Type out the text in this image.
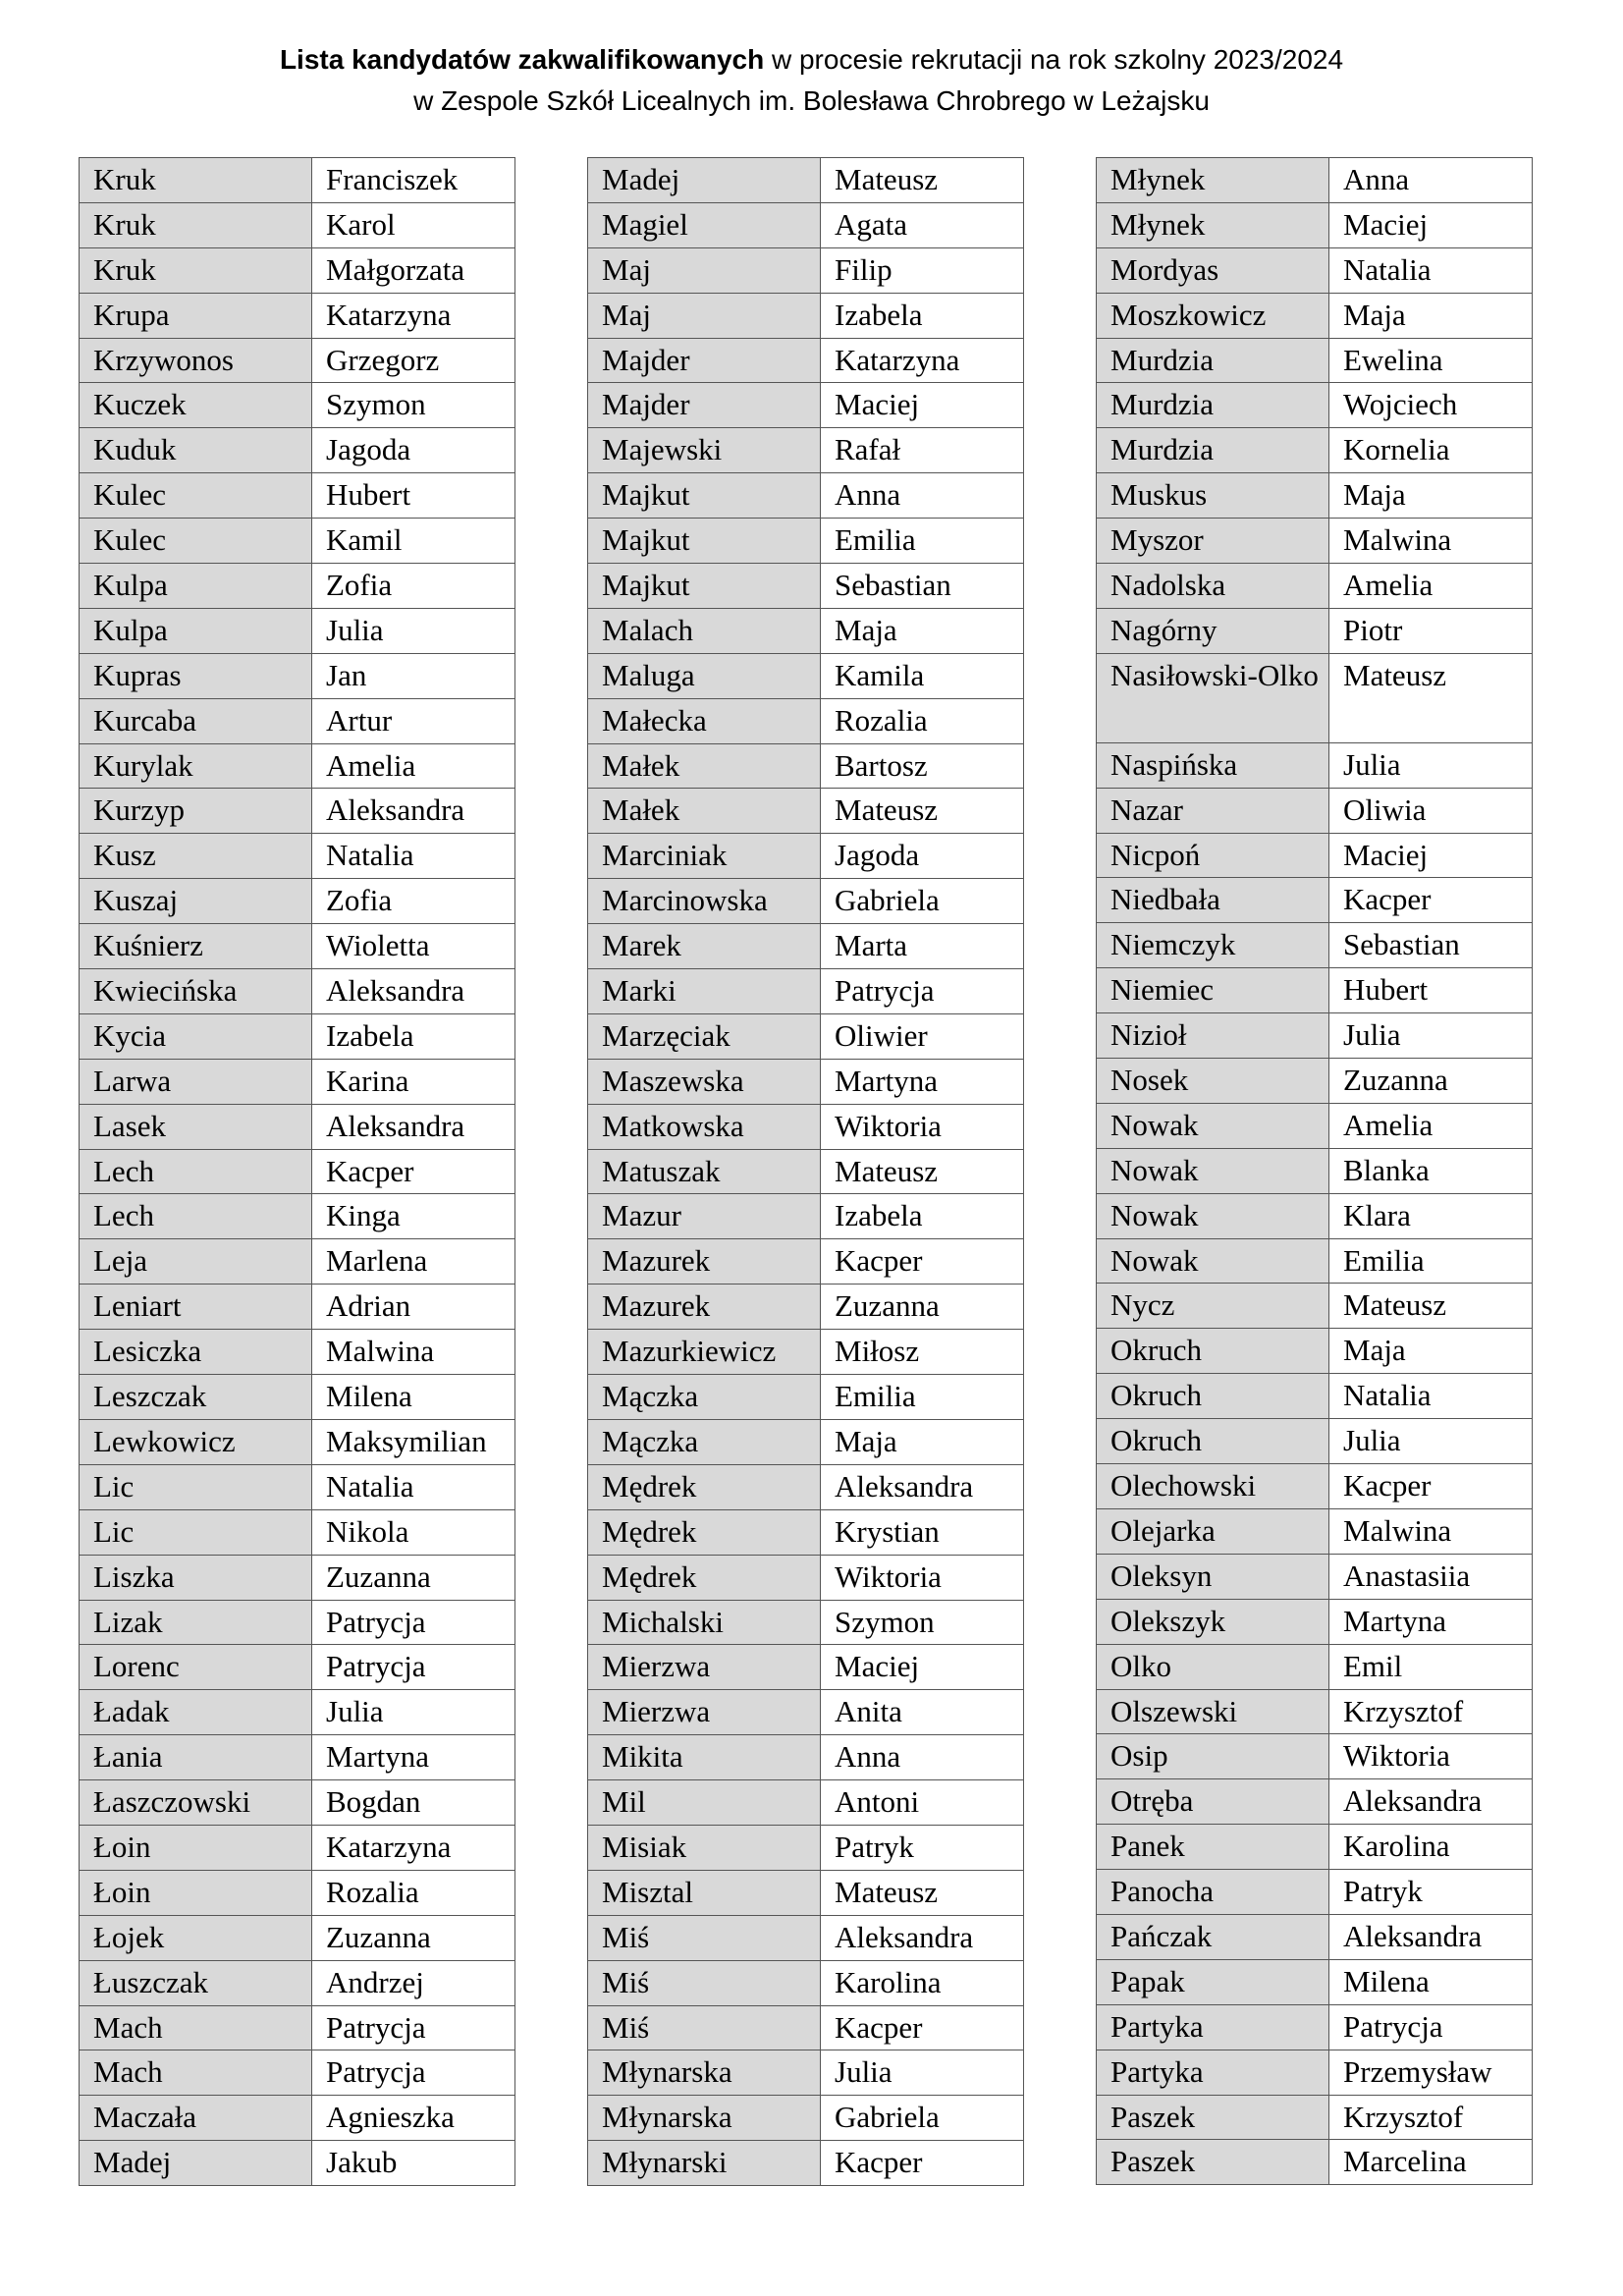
Lista kandydatów zakwalifikowanych w procesie rekrutacji na rok szkolny 2023/2024
w Zespole Szkół Licealnych im. Bolesława Chrobrego w Leżajsku
Kruk	Franciszek
Kruk	Karol
Kruk	Małgorzata
Krupa	Katarzyna
Krzywonos	Grzegorz
Kuczek	Szymon
Kuduk	Jagoda
Kulec	Hubert
Kulec	Kamil
Kulpa	Zofia
Kulpa	Julia
Kupras	Jan
Kurcaba	Artur
Kurylak	Amelia
Kurzyp	Aleksandra
Kusz	Natalia
Kuszaj	Zofia
Kuśnierz	Wioletta
Kwiecińska	Aleksandra
Kycia	Izabela
Larwa	Karina
Lasek	Aleksandra
Lech	Kacper
Lech	Kinga
Leja	Marlena
Leniart	Adrian
Lesiczka	Malwina
Leszczak	Milena
Lewkowicz	Maksymilian
Lic	Natalia
Lic	Nikola
Liszka	Zuzanna
Lizak	Patrycja
Lorenc	Patrycja
Ładak	Julia
Łania	Martyna
Łaszczowski	Bogdan
Łoin	Katarzyna
Łoin	Rozalia
Łojek	Zuzanna
Łuszczak	Andrzej
Mach	Patrycja
Mach	Patrycja
Maczała	Agnieszka
Madej	Jakub
Madej	Mateusz
Magiel	Agata
Maj	Filip
Maj	Izabela
Majder	Katarzyna
Majder	Maciej
Majewski	Rafał
Majkut	Anna
Majkut	Emilia
Majkut	Sebastian
Malach	Maja
Maluga	Kamila
Małecka	Rozalia
Małek	Bartosz
Małek	Mateusz
Marciniak	Jagoda
Marcinowska	Gabriela
Marek	Marta
Marki	Patrycja
Marzęciak	Oliwier
Maszewska	Martyna
Matkowska	Wiktoria
Matuszak	Mateusz
Mazur	Izabela
Mazurek	Kacper
Mazurek	Zuzanna
Mazurkiewicz	Miłosz
Mączka	Emilia
Mączka	Maja
Mędrek	Aleksandra
Mędrek	Krystian
Mędrek	Wiktoria
Michalski	Szymon
Mierzwa	Maciej
Mierzwa	Anita
Mikita	Anna
Mil	Antoni
Misiak	Patryk
Misztal	Mateusz
Miś	Aleksandra
Miś	Karolina
Miś	Kacper
Młynarska	Julia
Młynarska	Gabriela
Młynarski	Kacper
Młynek	Anna
Młynek	Maciej
Mordyas	Natalia
Moszkowicz	Maja
Murdzia	Ewelina
Murdzia	Wojciech
Murdzia	Kornelia
Muskus	Maja
Myszor	Malwina
Nadolska	Amelia
Nagórny	Piotr
Nasiłowski-Olko	Mateusz
Naspińska	Julia
Nazar	Oliwia
Nicpoń	Maciej
Niedbała	Kacper
Niemczyk	Sebastian
Niemiec	Hubert
Nizioł	Julia
Nosek	Zuzanna
Nowak	Amelia
Nowak	Blanka
Nowak	Klara
Nowak	Emilia
Nycz	Mateusz
Okruch	Maja
Okruch	Natalia
Okruch	Julia
Olechowski	Kacper
Olejarka	Malwina
Oleksyn	Anastasiia
Olekszyk	Martyna
Olko	Emil
Olszewski	Krzysztof
Osip	Wiktoria
Otręba	Aleksandra
Panek	Karolina
Panocha	Patryk
Pańczak	Aleksandra
Papak	Milena
Partyka	Patrycja
Partyka	Przemysław
Paszek	Krzysztof
Paszek	Marcelina
